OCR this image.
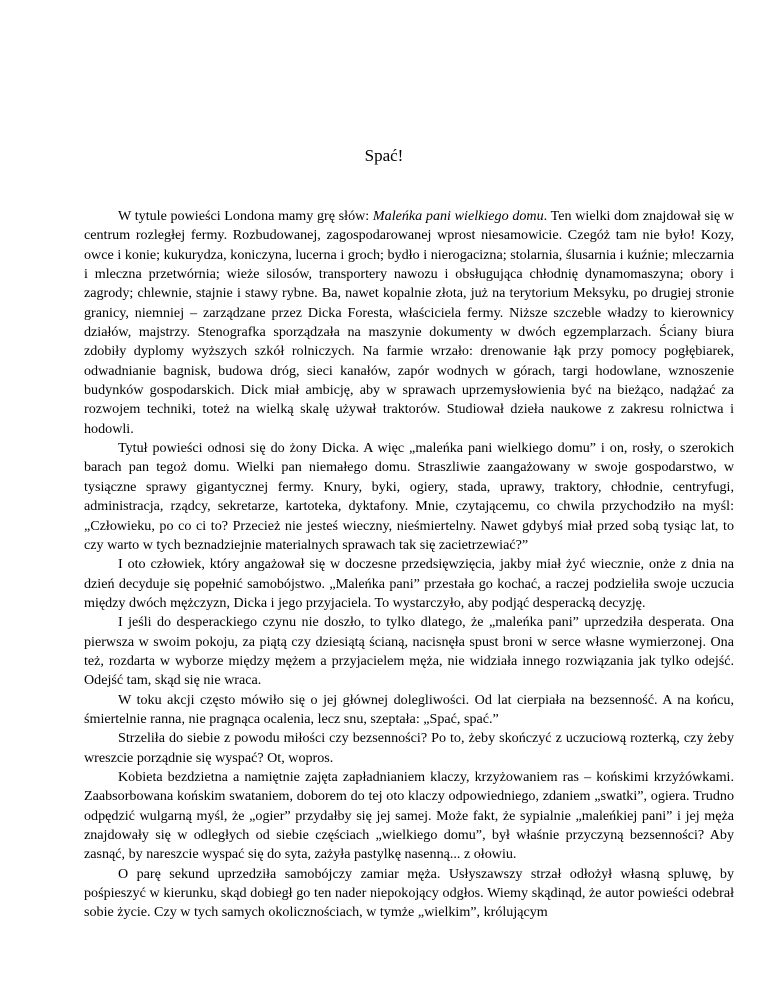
Spać!

W tytule powieści Londona mamy grę słów: Maleńka pani wielkiego domu. Ten wielki dom znajdował się w centrum rozległej fermy. Rozbudowanej, zagospodarowanej wprost niesamowicie. Czegóż tam nie było! Kozy, owce i konie; kukurydza, koniczyna, lucerna i groch; bydło i nierogacizna; stolarnia, ślusarnia i kuźnie; mleczarnia i mleczna przetwórnia; wieże silosów, transportery nawozu i obsługująca chłodnię dynamomaszyna; obory i zagrody; chlewnie, stajnie i stawy rybne. Ba, nawet kopalnie złota, już na terytorium Meksyku, po drugiej stronie granicy, niemniej – zarządzane przez Dicka Foresta, właściciela fermy. Niższe szczeble władzy to kierownicy działów, majstrzy. Stenografka sporządzała na maszynie dokumenty w dwóch egzemplarzach. Ściany biura zdobiły dyplomy wyższych szkół rolniczych. Na farmie wrzało: drenowanie łąk przy pomocy pogłębiarek, odwadnianie bagnisk, budowa dróg, sieci kanałów, zapór wodnych w górach, targi hodowlane, wznoszenie budynków gospodarskich. Dick miał ambicję, aby w sprawach uprzemysłowienia być na bieżąco, nadążać za rozwojem techniki, toteż na wielką skalę używał traktorów. Studiował dzieła naukowe z zakresu rolnictwa i hodowli.

Tytuł powieści odnosi się do żony Dicka. A więc „maleńka pani wielkiego domu” i on, rosły, o szerokich barach pan tegoż domu. Wielki pan niemałego domu. Straszliwie zaangażowany w swoje gospodarstwo, w tysiączne sprawy gigantycznej fermy. Knury, byki, ogiery, stada, uprawy, traktory, chłodnie, centryfugi, administracja, rządcy, sekretarze, kartoteka, dyktafony. Mnie, czytającemu, co chwila przychodziło na myśl: „Człowieku, po co ci to? Przecież nie jesteś wieczny, nieśmiertelny. Nawet gdybyś miał przed sobą tysiąc lat, to czy warto w tych beznadziejnie materialnych sprawach tak się zacietrzewiać?”

I oto człowiek, który angażował się w doczesne przedsięwzięcia, jakby miał żyć wiecznie, onże z dnia na dzień decyduje się popełnić samobójstwo. „Maleńka pani” przestała go kochać, a raczej podzieliła swoje uczucia między dwóch mężczyzn, Dicka i jego przyjaciela. To wystarczyło, aby podjąć desperacką decyzję.

I jeśli do desperackiego czynu nie doszło, to tylko dlatego, że „maleńka pani” uprzedziła desperata. Ona pierwsza w swoim pokoju, za piątą czy dziesiątą ścianą, nacisnęła spust broni w serce własne wymierzonej. Ona też, rozdarta w wyborze między mężem a przyjacielem męża, nie widziała innego rozwiązania jak tylko odejść. Odejść tam, skąd się nie wraca.

W toku akcji często mówiło się o jej głównej dolegliwości. Od lat cierpiała na bezsenność. A na końcu, śmiertelnie ranna, nie pragnąca ocalenia, lecz snu, szeptała: „Spać, spać.”

Strzeliła do siebie z powodu miłości czy bezsenności? Po to, żeby skończyć z uczuciową rozterką, czy żeby wreszcie porządnie się wyspać? Ot, wopros.

Kobieta bezdzietna a namiętnie zajęta zapładnianiem klaczy, krzyżowaniem ras – końskimi krzyżówkami. Zaabsorbowana końskim swataniem, doborem do tej oto klaczy odpowiedniego, zdaniem „swatki”, ogiera. Trudno odpędzić wulgarną myśl, że „ogier” przydałby się jej samej. Może fakt, że sypialnie „maleńkiej pani” i jej męża znajdowały się w odległych od siebie częściach „wielkiego domu”, był właśnie przyczyną bezsenności? Aby zasnąć, by nareszcie wyspać się do syta, zażyła pastylkę nasenną... z ołowiu.

O parę sekund uprzedziła samobójczy zamiar męża. Usłyszawszy strzał odłożył własną spluwę, by pośpieszyć w kierunku, skąd dobiegł go ten nader niepokojący odgłos. Wiemy skądinąd, że autor powieści odebrał sobie życie. Czy w tych samych okolicznościach, w tymże „wielkim”, królującym
